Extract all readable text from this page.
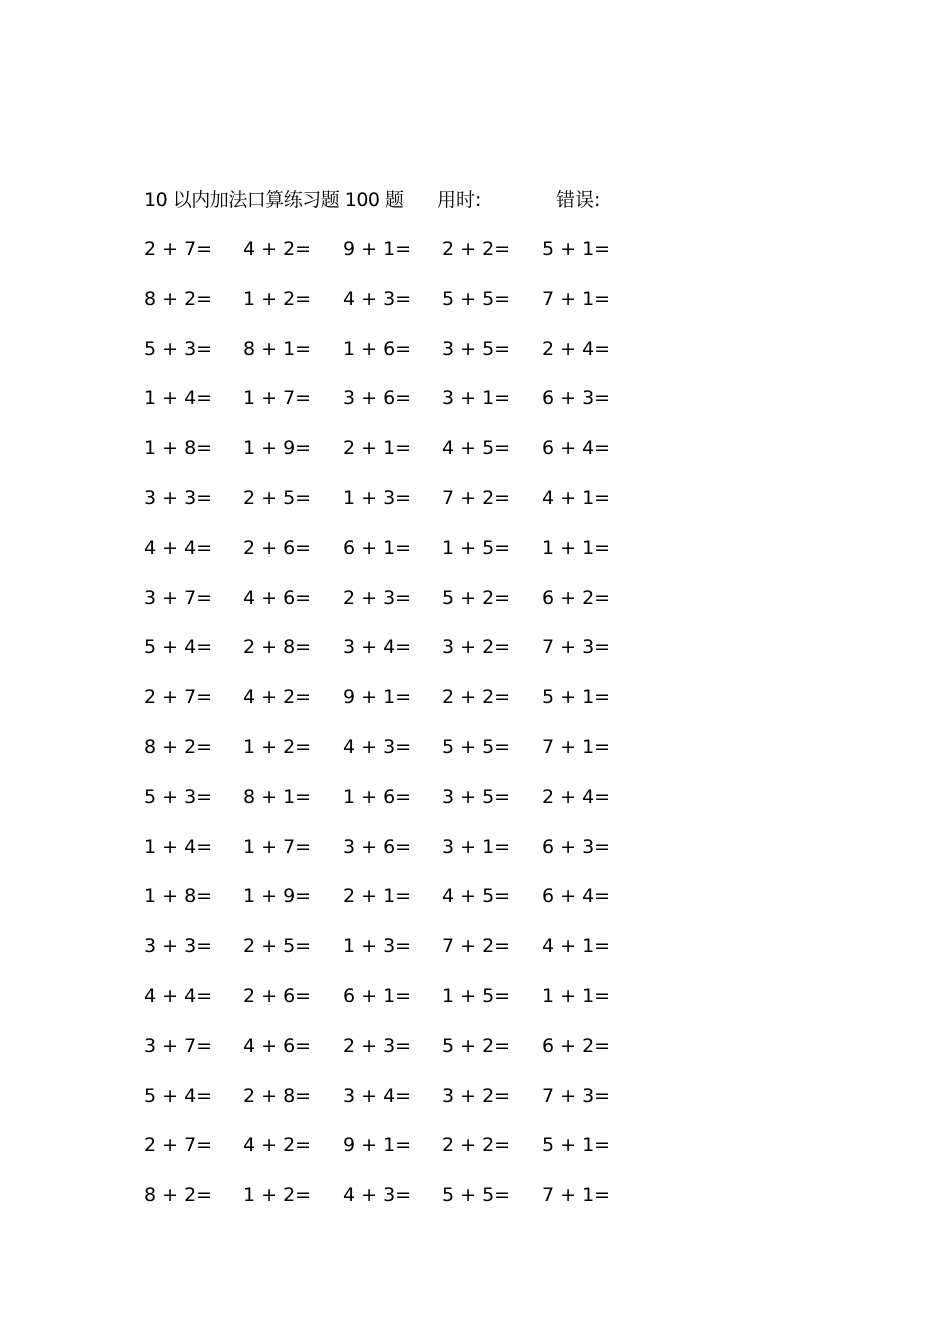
10 以内加法口算练习题 100 题 用时:	错误:
2 + 7= 4 + 2= 9 + 1= 2 + 2= 5 + 1=
8 + 2= 1 + 2= 4 + 3= 5 + 5= 7 + 1=
5 + 3= 8 + 1= 1 + 6= 3 + 5= 2 + 4=
1 + 4= 1 + 7= 3 + 6= 3 + 1= 6 + 3=
1 + 8= 1 + 9= 2 + 1= 4 + 5= 6 + 4=
3 + 3= 2 + 5= 1 + 3= 7 + 2= 4 + 1=
4 + 4= 2 + 6= 6 + 1= 1 + 5= 1 + 1=
3 + 7= 4 + 6= 2 + 3= 5 + 2= 6 + 2=
5 + 4= 2 + 8= 3 + 4= 3 + 2= 7 + 3=
2 + 7= 4 + 2= 9 + 1= 2 + 2= 5 + 1=
8 + 2= 1 + 2= 4 + 3= 5 + 5= 7 + 1=
5 + 3= 8 + 1= 1 + 6= 3 + 5= 2 + 4=
1 + 4= 1 + 7= 3 + 6= 3 + 1= 6 + 3=
1 + 8= 1 + 9= 2 + 1= 4 + 5= 6 + 4=
3 + 3= 2 + 5= 1 + 3= 7 + 2= 4 + 1=
4 + 4= 2 + 6= 6 + 1= 1 + 5= 1 + 1=
3 + 7= 4 + 6= 2 + 3= 5 + 2= 6 + 2=
5 + 4= 2 + 8= 3 + 4= 3 + 2= 7 + 3=
2 + 7= 4 + 2= 9 + 1= 2 + 2= 5 + 1=
8 + 2= 1 + 2= 4 + 3= 5 + 5= 7 + 1=
